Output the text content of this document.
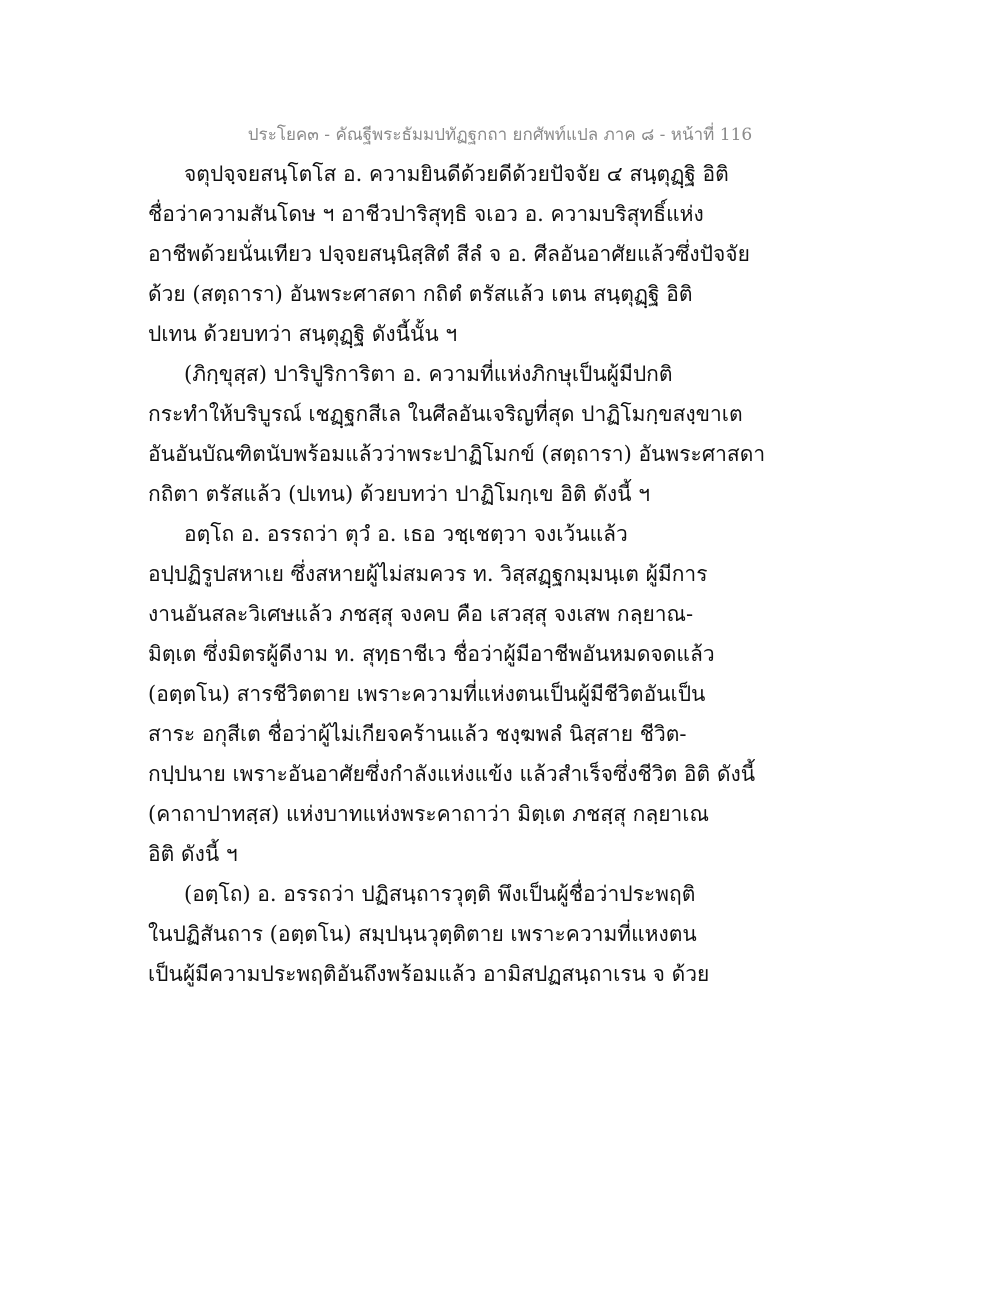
ประโยค๓ - คัณฐีพระธัมมปทัฏฐกถา ยกศัพท์แปล ภาค ๘ - หน้าที่ 116
จตุปจฺจยสนฺโตโส อ. ความยินดีด้วยดีด้วยปัจจัย ๔ สนฺตุฏฺฐิ อิติ
ชื่อว่าความสันโดษ ฯ อาชีวปาริสุทฺธิ จเอว อ. ความบริสุทธิ์แห่ง
อาชีพด้วยนั่นเทียว ปจฺจยสนฺนิสฺสิตํ สีลํ จ อ. ศีลอันอาศัยแล้วซึ่งปัจจัย
ด้วย (สตฺถารา) อันพระศาสดา กถิตํ ตรัสแล้ว เตน สนฺตุฏฺฐิ อิติ
ปเทน ด้วยบทว่า สนฺตุฏฺฐิ ดังนี้นั้น ฯ
(ภิกฺขุสฺส) ปาริปูริการิตา อ. ความที่แห่งภิกษุเป็นผู้มีปกติ
กระทำให้บริบูรณ์ เชฏฺฐกสีเล ในศีลอันเจริญที่สุด ปาฏิโมกฺขสงฺขาเต
อันอันบัณฑิตนับพร้อมแล้วว่าพระปาฏิโมกข์ (สตฺถารา) อันพระศาสดา
กถิตา ตรัสแล้ว (ปเทน) ด้วยบทว่า ปาฏิโมกฺเข อิติ ดังนี้ ฯ
อตฺโถ อ. อรรถว่า ตุวํ อ. เธอ วชฺเชตฺวา จงเว้นแล้ว
อปฺปฏิรูปสหาเย ซึ่งสหายผู้ไม่สมควร ท. วิสฺสฏฺฐกมฺมนฺเต ผู้มีการ
งานอันสละวิเศษแล้ว ภชสฺสุ จงคบ คือ เสวสฺสุ จงเสพ กลฺยาณ-
มิตฺเต ซึ่งมิตรผู้ดีงาม ท. สุทฺธาชีเว ชื่อว่าผู้มีอาชีพอันหมดจดแล้ว
(อตฺตโน) สารชีวิตตาย เพราะความที่แห่งตนเป็นผู้มีชีวิตอันเป็น
สาระ อกุสีเต ชื่อว่าผู้ไม่เกียจคร้านแล้ว ชงฺฆพลํ นิสฺสาย ชีวิต-
กปฺปนาย เพราะอันอาศัยซึ่งกำลังแห่งแข้ง แล้วสำเร็จซึ่งชีวิต อิติ ดังนี้
(คาถาปาทสฺส) แห่งบาทแห่งพระคาถาว่า มิตฺเต ภชสฺสุ กลฺยาเณ
อิติ ดังนี้ ฯ
(อตฺโถ) อ. อรรถว่า ปฏิสนฺถารวุตฺติ พึงเป็นผู้ชื่อว่าประพฤติ
ในปฏิสันถาร (อตฺตโน) สมฺปนฺนวุตฺติตาย เพราะความที่แหงตน
เป็นผู้มีความประพฤติอันถึงพร้อมแล้ว อามิสปฏสนฺถาเรน จ ด้วย
